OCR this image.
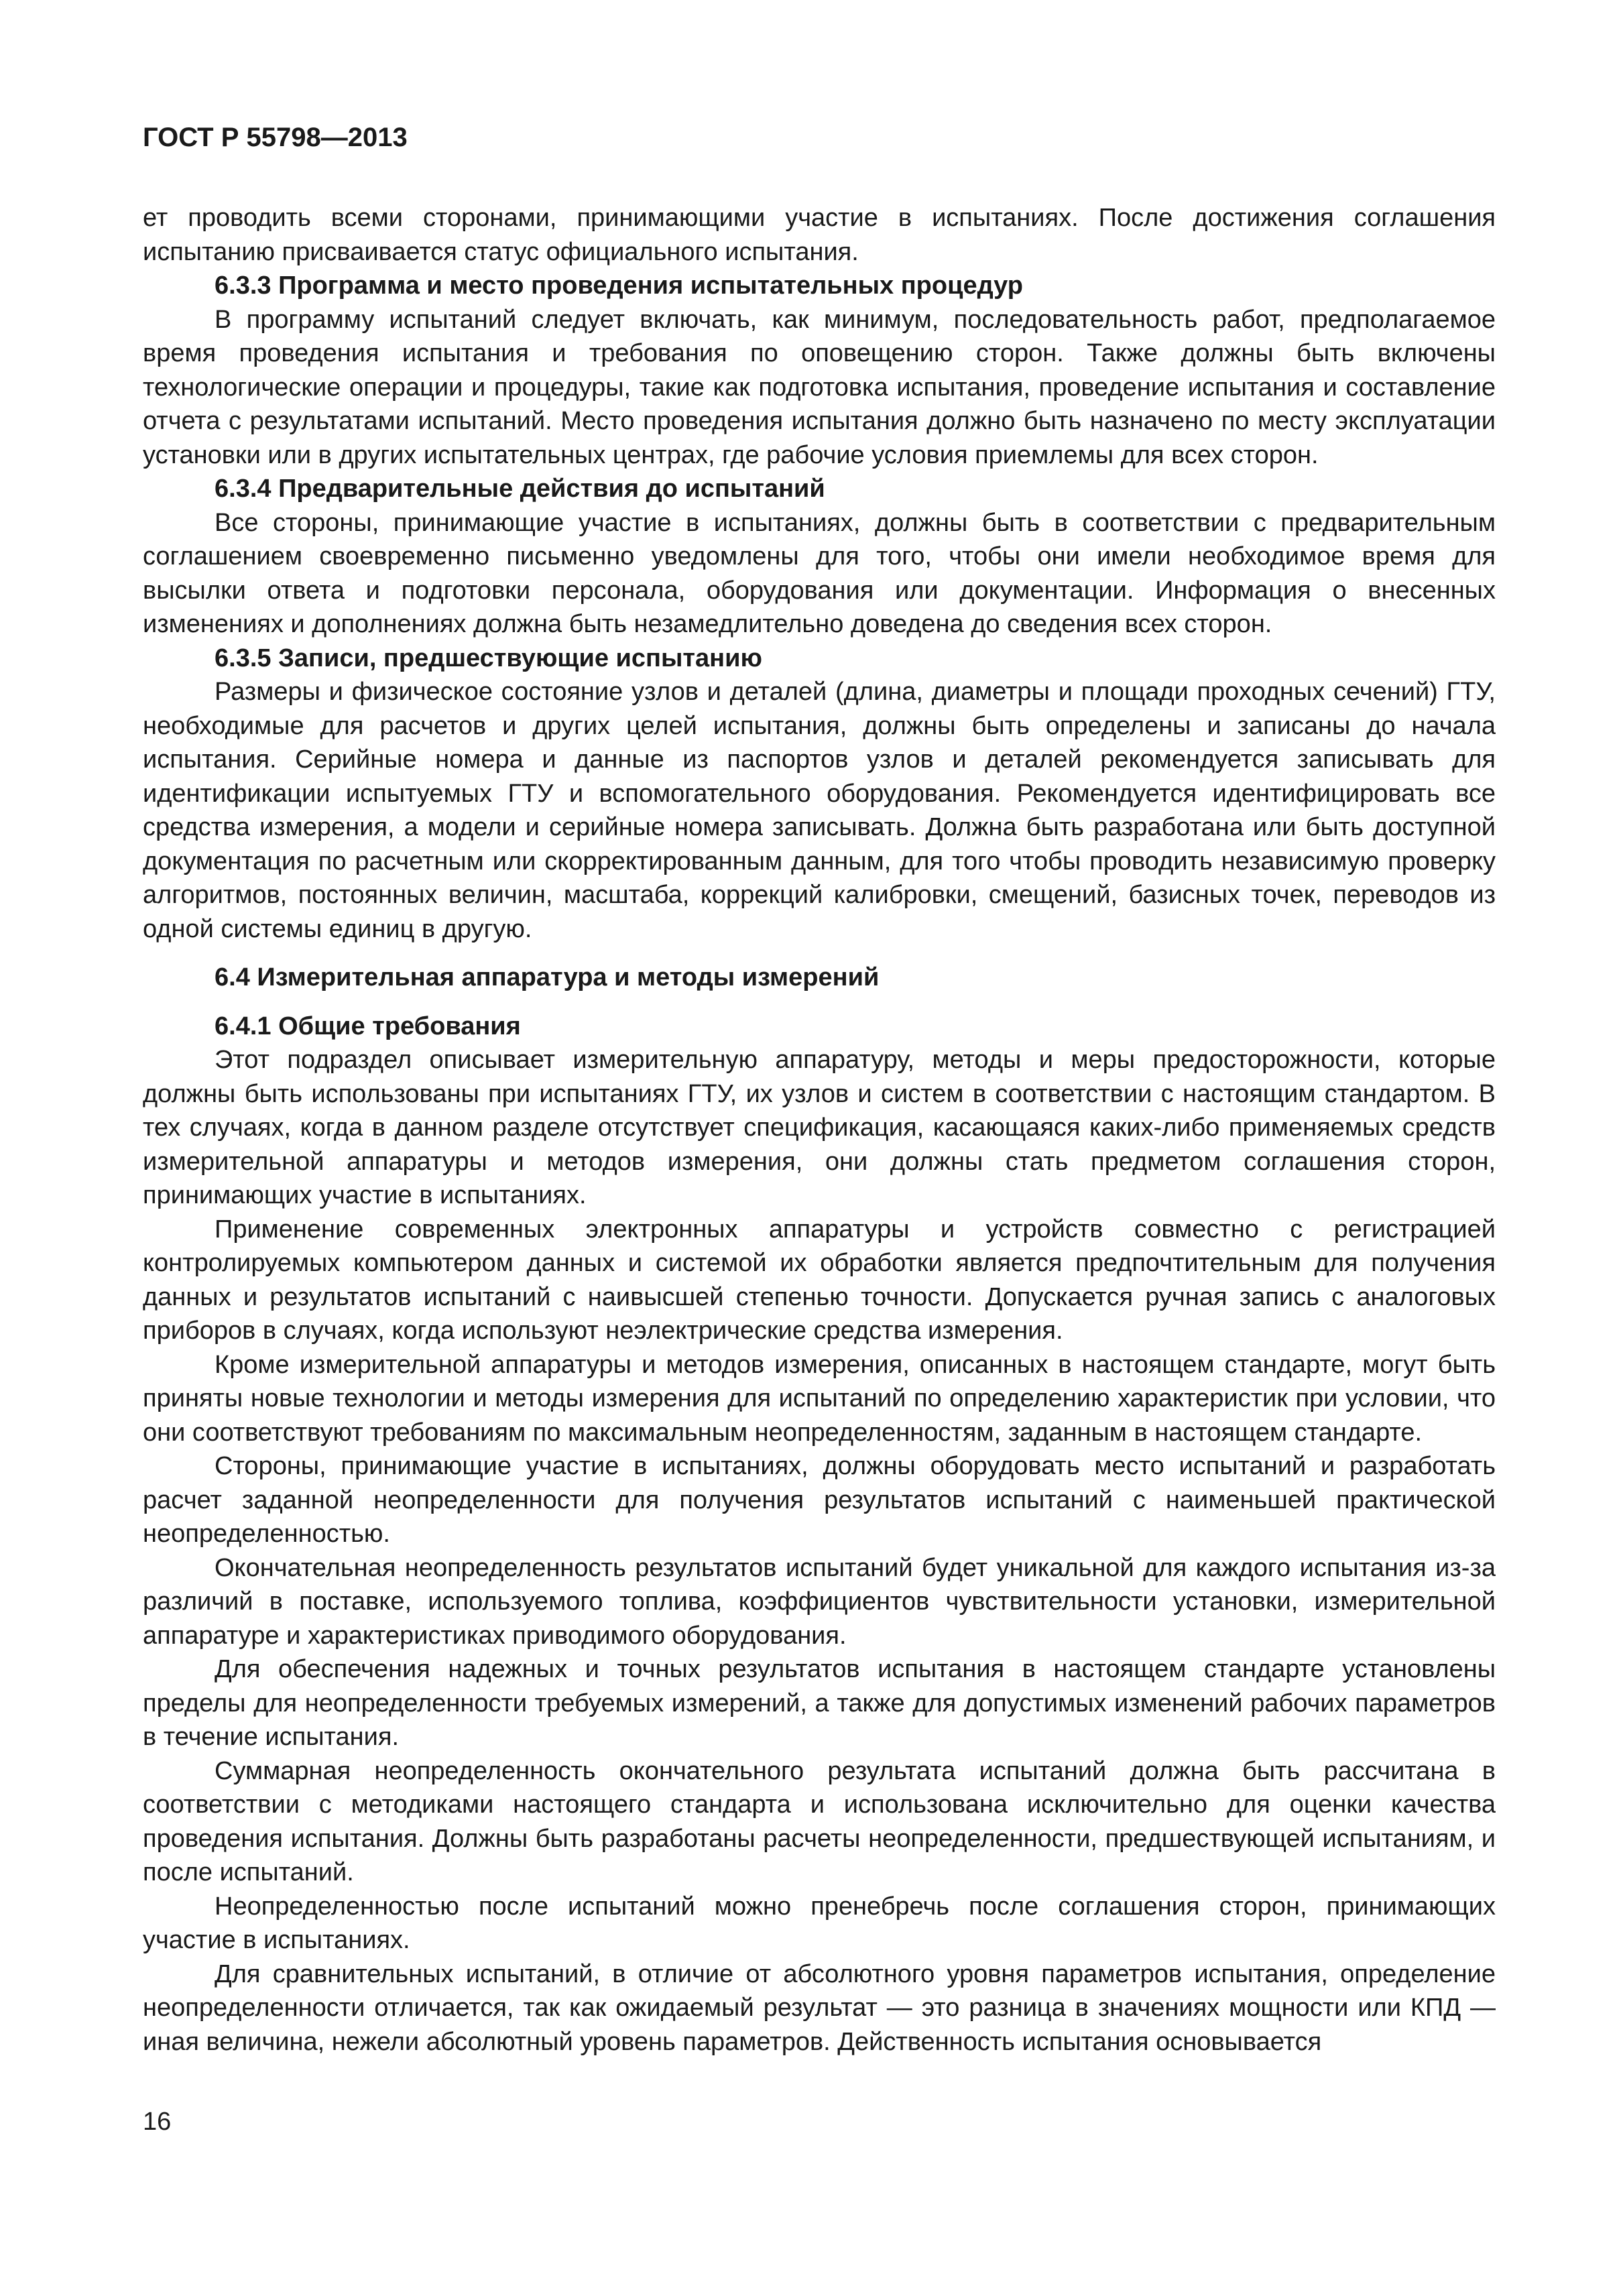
ГОСТ Р 55798—2013

ет проводить всеми сторонами, принимающими участие в испытаниях. После достижения соглашения испытанию присваивается статус официального испытания.

6.3.3 Программа и место проведения испытательных процедур

В программу испытаний следует включать, как минимум, последовательность работ, предполагаемое время проведения испытания и требования по оповещению сторон. Также должны быть включены технологические операции и процедуры, такие как подготовка испытания, проведение испытания и составление отчета с результатами испытаний. Место проведения испытания должно быть назначено по месту эксплуатации установки или в других испытательных центрах, где рабочие условия приемлемы для всех сторон.

6.3.4 Предварительные действия до испытаний

Все стороны, принимающие участие в испытаниях, должны быть в соответствии с предварительным соглашением своевременно письменно уведомлены для того, чтобы они имели необходимое время для высылки ответа и подготовки персонала, оборудования или документации. Информация о внесенных изменениях и дополнениях должна быть незамедлительно доведена до сведения всех сторон.

6.3.5 Записи, предшествующие испытанию

Размеры и физическое состояние узлов и деталей (длина, диаметры и площади проходных сечений) ГТУ, необходимые для расчетов и других целей испытания, должны быть определены и записаны до начала испытания. Серийные номера и данные из паспортов узлов и деталей рекомендуется записывать для идентификации испытуемых ГТУ и вспомогательного оборудования. Рекомендуется идентифицировать все средства измерения, а модели и серийные номера записывать. Должна быть разработана или быть доступной документация по расчетным или скорректированным данным, для того чтобы проводить независимую проверку алгоритмов, постоянных величин, масштаба, коррекций калибровки, смещений, базисных точек, переводов из одной системы единиц в другую.

6.4 Измерительная аппаратура и методы измерений

6.4.1 Общие требования

Этот подраздел описывает измерительную аппаратуру, методы и меры предосторожности, которые должны быть использованы при испытаниях ГТУ, их узлов и систем в соответствии с настоящим стандартом. В тех случаях, когда в данном разделе отсутствует спецификация, касающаяся каких-либо применяемых средств измерительной аппаратуры и методов измерения, они должны стать предметом соглашения сторон, принимающих участие в испытаниях.

Применение современных электронных аппаратуры и устройств совместно с регистрацией контролируемых компьютером данных и системой их обработки является предпочтительным для получения данных и результатов испытаний с наивысшей степенью точности. Допускается ручная запись с аналоговых приборов в случаях, когда используют неэлектрические средства измерения.

Кроме измерительной аппаратуры и методов измерения, описанных в настоящем стандарте, могут быть приняты новые технологии и методы измерения для испытаний по определению характеристик при условии, что они соответствуют требованиям по максимальным неопределенностям, заданным в настоящем стандарте.

Стороны, принимающие участие в испытаниях, должны оборудовать место испытаний и разработать расчет заданной неопределенности для получения результатов испытаний с наименьшей практической неопределенностью.

Окончательная неопределенность результатов испытаний будет уникальной для каждого испытания из-за различий в поставке, используемого топлива, коэффициентов чувствительности установки, измерительной аппаратуре и характеристиках приводимого оборудования.

Для обеспечения надежных и точных результатов испытания в настоящем стандарте установлены пределы для неопределенности требуемых измерений, а также для допустимых изменений рабочих параметров в течение испытания.

Суммарная неопределенность окончательного результата испытаний должна быть рассчитана в соответствии с методиками настоящего стандарта и использована исключительно для оценки качества проведения испытания. Должны быть разработаны расчеты неопределенности, предшествующей испытаниям, и после испытаний.

Неопределенностью после испытаний можно пренебречь после соглашения сторон, принимающих участие в испытаниях.

Для сравнительных испытаний, в отличие от абсолютного уровня параметров испытания, определение неопределенности отличается, так как ожидаемый результат — это разница в значениях мощности или КПД — иная величина, нежели абсолютный уровень параметров. Действенность испытания основывается

16
